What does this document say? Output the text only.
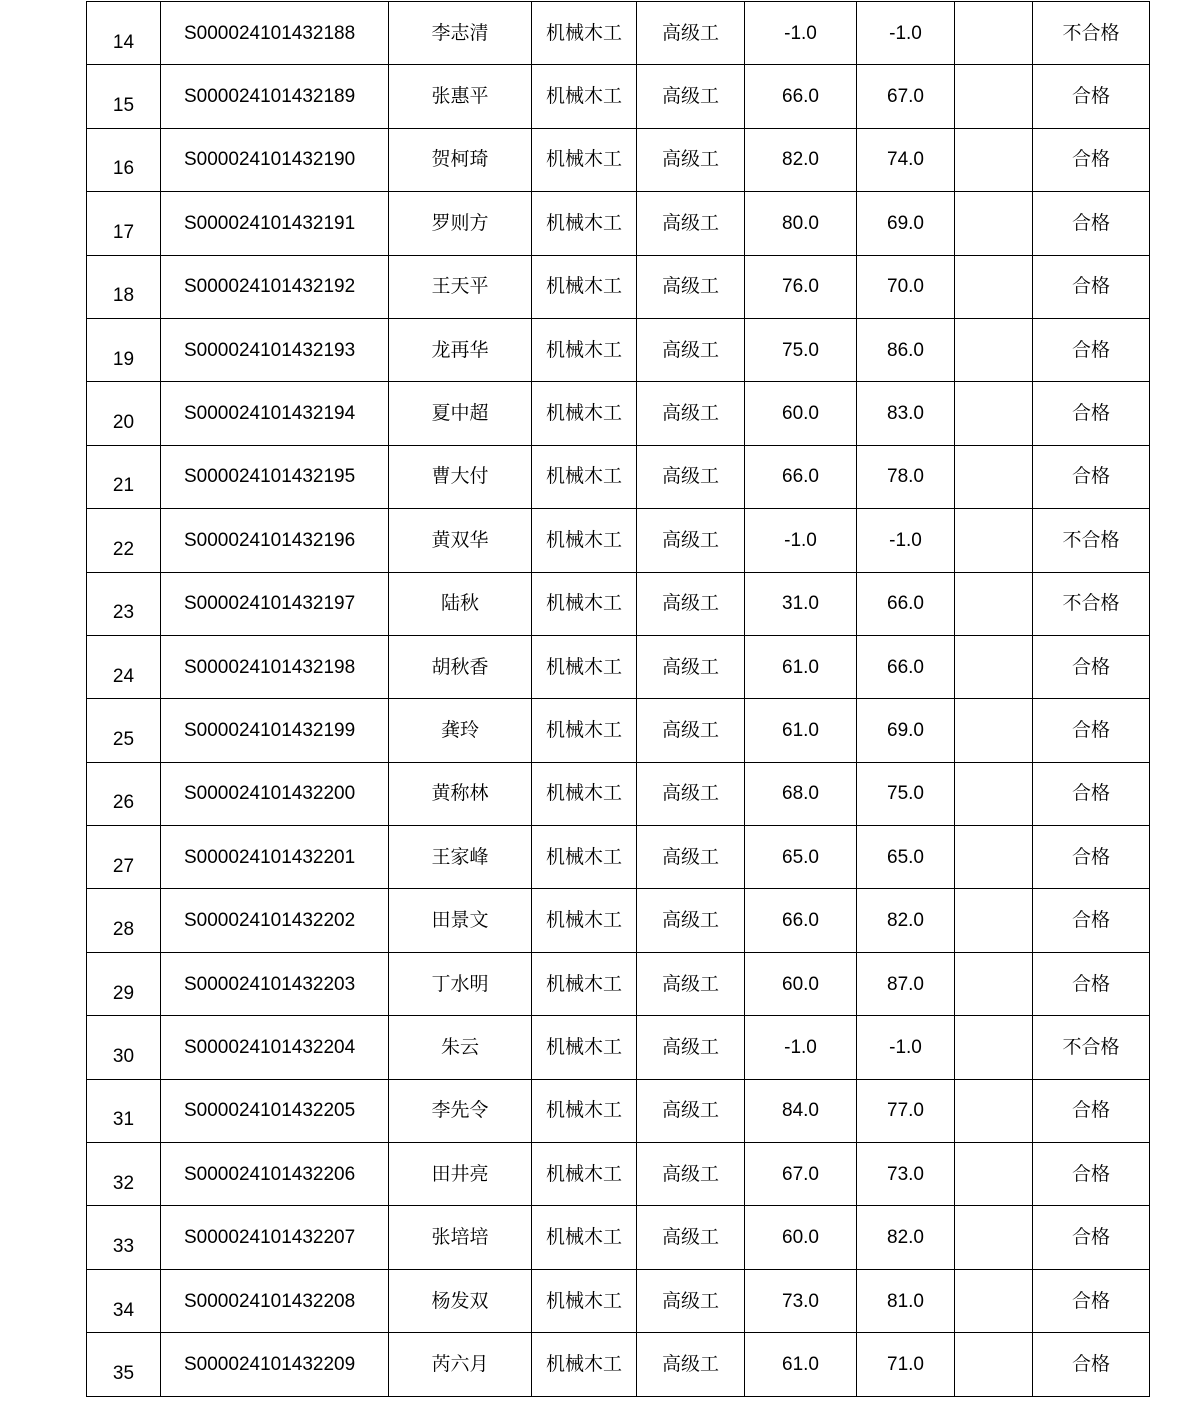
14	S000024101432188	李志清	机械木工	高级工	-1.0	-1.0		不合格
15	S000024101432189	张惠平	机械木工	高级工	66.0	67.0		合格
16	S000024101432190	贺柯琦	机械木工	高级工	82.0	74.0		合格
17	S000024101432191	罗则方	机械木工	高级工	80.0	69.0		合格
18	S000024101432192	王天平	机械木工	高级工	76.0	70.0		合格
19	S000024101432193	龙再华	机械木工	高级工	75.0	86.0		合格
20	S000024101432194	夏中超	机械木工	高级工	60.0	83.0		合格
21	S000024101432195	曹大付	机械木工	高级工	66.0	78.0		合格
22	S000024101432196	黄双华	机械木工	高级工	-1.0	-1.0		不合格
23	S000024101432197	陆秋	机械木工	高级工	31.0	66.0		不合格
24	S000024101432198	胡秋香	机械木工	高级工	61.0	66.0		合格
25	S000024101432199	龚玲	机械木工	高级工	61.0	69.0		合格
26	S000024101432200	黄称林	机械木工	高级工	68.0	75.0		合格
27	S000024101432201	王家峰	机械木工	高级工	65.0	65.0		合格
28	S000024101432202	田景文	机械木工	高级工	66.0	82.0		合格
29	S000024101432203	丁水明	机械木工	高级工	60.0	87.0		合格
30	S000024101432204	朱云	机械木工	高级工	-1.0	-1.0		不合格
31	S000024101432205	李先令	机械木工	高级工	84.0	77.0		合格
32	S000024101432206	田井亮	机械木工	高级工	67.0	73.0		合格
33	S000024101432207	张培培	机械木工	高级工	60.0	82.0		合格
34	S000024101432208	杨发双	机械木工	高级工	73.0	81.0		合格
35	S000024101432209	芮六月	机械木工	高级工	61.0	71.0		合格
